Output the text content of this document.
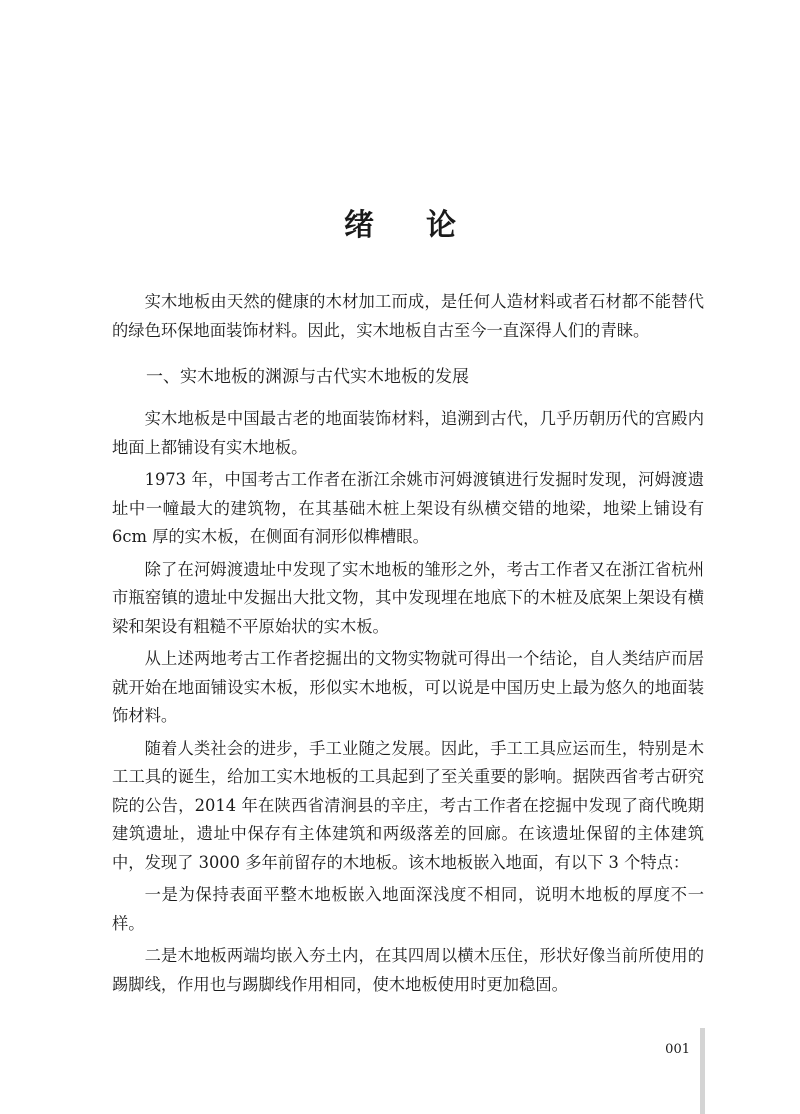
绪 论

实木地板由天然的健康的木材加工而成，是任何人造材料或者石材都不能替代的绿色环保地面装饰材料。因此，实木地板自古至今一直深得人们的青睐。

一、实木地板的渊源与古代实木地板的发展

实木地板是中国最古老的地面装饰材料，追溯到古代，几乎历朝历代的宫殿内地面上都铺设有实木地板。

1973 年，中国考古工作者在浙江余姚市河姆渡镇进行发掘时发现，河姆渡遗址中一幢最大的建筑物，在其基础木桩上架设有纵横交错的地梁，地梁上铺设有 6cm 厚的实木板，在侧面有洞形似榫槽眼。

除了在河姆渡遗址中发现了实木地板的雏形之外，考古工作者又在浙江省杭州市瓶窑镇的遗址中发掘出大批文物，其中发现埋在地底下的木桩及底架上架设有横梁和架设有粗糙不平原始状的实木板。

从上述两地考古工作者挖掘出的文物实物就可得出一个结论，自人类结庐而居就开始在地面铺设实木板，形似实木地板，可以说是中国历史上最为悠久的地面装饰材料。

随着人类社会的进步，手工业随之发展。因此，手工工具应运而生，特别是木工工具的诞生，给加工实木地板的工具起到了至关重要的影响。据陕西省考古研究院的公告，2014 年在陕西省清涧县的辛庄，考古工作者在挖掘中发现了商代晚期建筑遗址，遗址中保存有主体建筑和两级落差的回廊。在该遗址保留的主体建筑中，发现了 3000 多年前留存的木地板。该木地板嵌入地面，有以下 3 个特点：

一是为保持表面平整木地板嵌入地面深浅度不相同，说明木地板的厚度不一样。

二是木地板两端均嵌入夯土内，在其四周以横木压住，形状好像当前所使用的踢脚线，作用也与踢脚线作用相同，使木地板使用时更加稳固。

001
